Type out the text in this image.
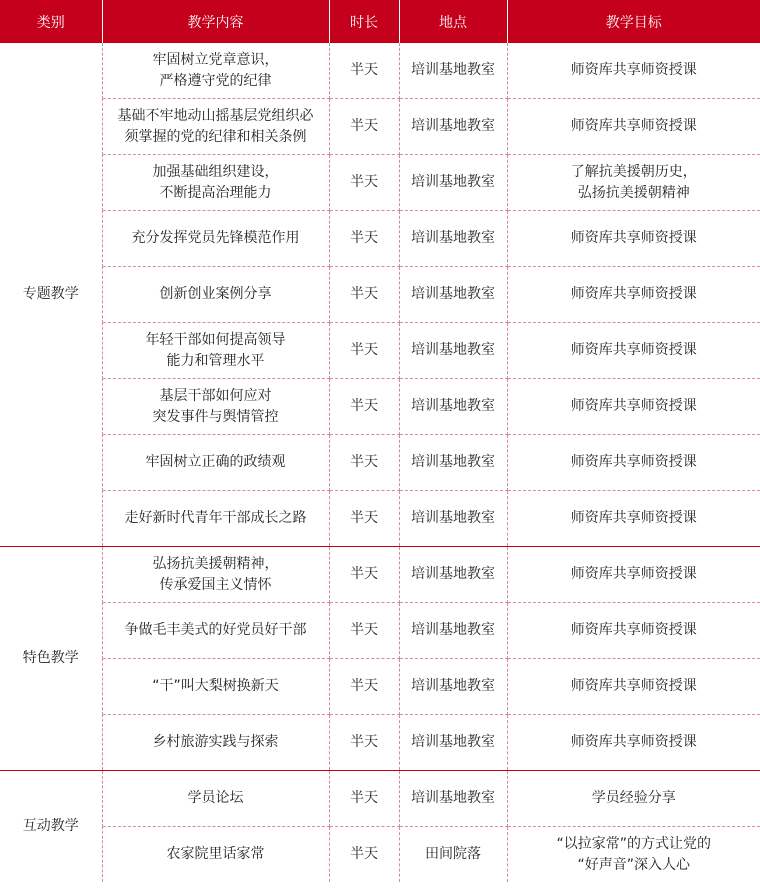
类别	教学内容	时长	地点	教学目标
专题教学	牢固树立党章意识，
严格遵守党的纪律	半天	培训基地教室	师资库共享师资授课
	基础不牢地动山摇基层党组织必
须掌握的党的纪律和相关条例	半天	培训基地教室	师资库共享师资授课
	加强基础组织建设，
不断提高治理能力	半天	培训基地教室	了解抗美援朝历史，
弘扬抗美援朝精神
	充分发挥党员先锋模范作用	半天	培训基地教室	师资库共享师资授课
	创新创业案例分享	半天	培训基地教室	师资库共享师资授课
	年轻干部如何提高领导
能力和管理水平	半天	培训基地教室	师资库共享师资授课
	基层干部如何应对
突发事件与舆情管控	半天	培训基地教室	师资库共享师资授课
	牢固树立正确的政绩观	半天	培训基地教室	师资库共享师资授课
	走好新时代青年干部成长之路	半天	培训基地教室	师资库共享师资授课
特色教学	弘扬抗美援朝精神，
传承爱国主义情怀	半天	培训基地教室	师资库共享师资授课
	争做毛丰美式的好党员好干部	半天	培训基地教室	师资库共享师资授课
	“干”叫大梨树换新天	半天	培训基地教室	师资库共享师资授课
	乡村旅游实践与探索	半天	培训基地教室	师资库共享师资授课
互动教学	学员论坛	半天	培训基地教室	学员经验分享
	农家院里话家常	半天	田间院落	“以拉家常”的方式让党的
“好声音”深入人心
